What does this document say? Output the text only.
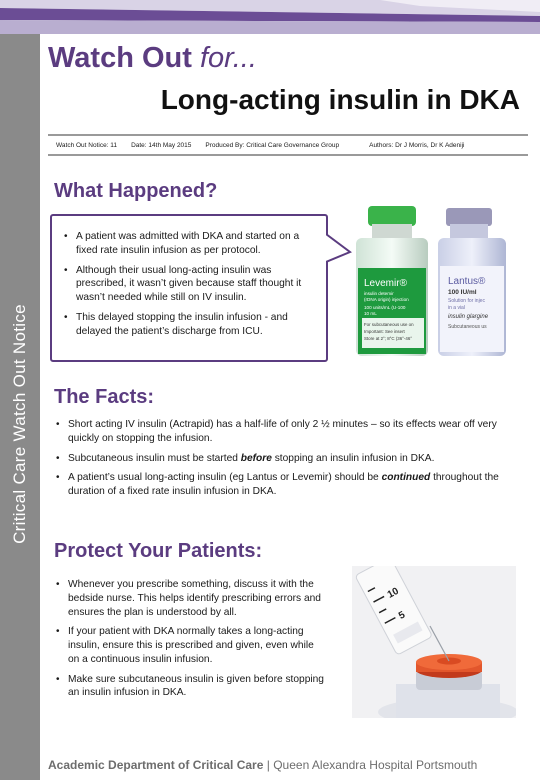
Critical Care Watch Out Notice
Watch Out for...
Long-acting insulin in DKA
Watch Out Notice: 11 Date: 14th May 2015 Produced By: Critical Care Governance Group	Authors: Dr J Morris, Dr K Adeniji
What Happened?
• A patient was admitted with DKA and started on a fixed rate insulin infusion as per protocol.
• Although their usual long-acting insulin was prescribed, it wasn’t given because staff thought it wasn’t needed while still on IV insulin.
• This delayed stopping the insulin infusion - and delayed the patient’s discharge from ICU.
Lantus®
100 IU/ml
Solution for injec
in a vial
insulin glargine
Subcutaneous us
Levemir®
insulin detemir
(rDNA origin) injection
100 units/mL (U-100
10 mL
For subcutaneous use on
Important: See insert
Store at 2°; 8°C (36°-46°
The Facts:
• Short acting IV insulin (Actrapid) has a half-life of only 2 ½ minutes – so its effects wear off very quickly on stopping the infusion.
• Subcutaneous insulin must be started before stopping an insulin infusion in DKA.
• A patient’s usual long-acting insulin (eg Lantus or Levemir) should be continued throughout the duration of a fixed rate insulin infusion in DKA.
Protect Your Patients:
• Whenever you prescribe something, discuss it with the bedside nurse. This helps identify prescribing errors and ensures the plan is understood by all.
• If your patient with DKA normally takes a long-acting insulin, ensure this is prescribed and given, even while on a continuous insulin infusion.
• Make sure subcutaneous insulin is given before stopping an insulin infusion in DKA.
10
5
Academic Department of Critical Care | Queen Alexandra Hospital Portsmouth
